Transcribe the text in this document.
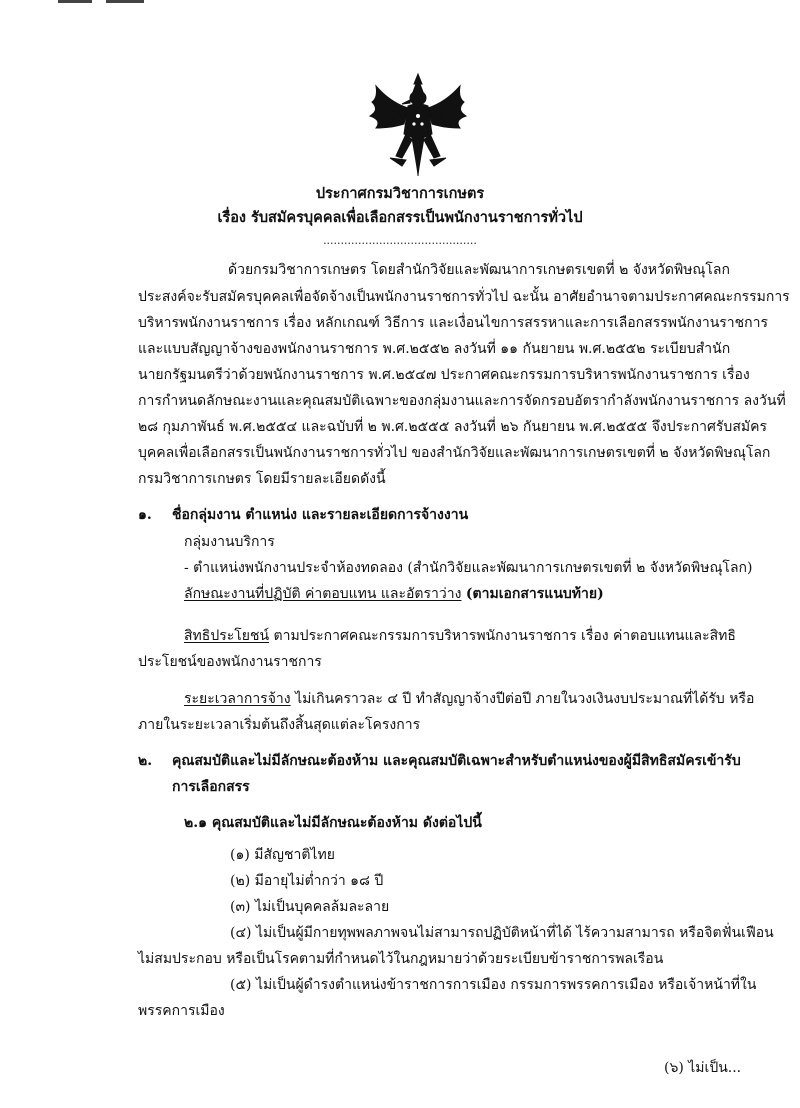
ประกาศกรมวิชาการเกษตร
เรื่อง รับสมัครบุคคลเพื่อเลือกสรรเป็นพนักงานราชการทั่วไป
............................................
ด้วยกรมวิชาการเกษตร โดยสำนักวิจัยและพัฒนาการเกษตรเขตที่ ๒ จังหวัดพิษณุโลก
ประสงค์จะรับสมัครบุคคลเพื่อจัดจ้างเป็นพนักงานราชการทั่วไป ฉะนั้น อาศัยอำนาจตามประกาศคณะกรรมการ
บริหารพนักงานราชการ เรื่อง หลักเกณฑ์ วิธีการ และเงื่อนไขการสรรหาและการเลือกสรรพนักงานราชการ
และแบบสัญญาจ้างของพนักงานราชการ พ.ศ.๒๕๕๒ ลงวันที่ ๑๑ กันยายน พ.ศ.๒๕๕๒ ระเบียบสำนัก
นายกรัฐมนตรีว่าด้วยพนักงานราชการ พ.ศ.๒๕๔๗ ประกาศคณะกรรมการบริหารพนักงานราชการ เรื่อง
การกำหนดลักษณะงานและคุณสมบัติเฉพาะของกลุ่มงานและการจัดกรอบอัตรากำลังพนักงานราชการ ลงวันที่
๒๘ กุมภาพันธ์ พ.ศ.๒๕๕๔ และฉบับที่ ๒ พ.ศ.๒๕๕๕ ลงวันที่ ๒๖ กันยายน พ.ศ.๒๕๕๕ จึงประกาศรับสมัคร
บุคคลเพื่อเลือกสรรเป็นพนักงานราชการทั่วไป ของสำนักวิจัยและพัฒนาการเกษตรเขตที่ ๒ จังหวัดพิษณุโลก
กรมวิชาการเกษตร โดยมีรายละเอียดดังนี้
๑. ชื่อกลุ่มงาน ตำแหน่ง และรายละเอียดการจ้างงาน
กลุ่มงานบริการ
- ตำแหน่งพนักงานประจำห้องทดลอง (สำนักวิจัยและพัฒนาการเกษตรเขตที่ ๒ จังหวัดพิษณุโลก)
ลักษณะงานที่ปฏิบัติ ค่าตอบแทน และอัตราว่าง (ตามเอกสารแนบท้าย)
สิทธิประโยชน์ ตามประกาศคณะกรรมการบริหารพนักงานราชการ เรื่อง ค่าตอบแทนและสิทธิ
ประโยชน์ของพนักงานราชการ
ระยะเวลาการจ้าง ไม่เกินคราวละ ๔ ปี ทำสัญญาจ้างปีต่อปี ภายในวงเงินงบประมาณที่ได้รับ หรือ
ภายในระยะเวลาเริ่มต้นถึงสิ้นสุดแต่ละโครงการ
๒. คุณสมบัติและไม่มีลักษณะต้องห้าม และคุณสมบัติเฉพาะสำหรับตำแหน่งของผู้มีสิทธิสมัครเข้ารับ
การเลือกสรร
๒.๑ คุณสมบัติและไม่มีลักษณะต้องห้าม ดังต่อไปนี้
(๑) มีสัญชาติไทย
(๒) มีอายุไม่ต่ำกว่า ๑๘ ปี
(๓) ไม่เป็นบุคคลล้มละลาย
(๔) ไม่เป็นผู้มีกายทุพพลภาพจนไม่สามารถปฏิบัติหน้าที่ได้ ไร้ความสามารถ หรือจิตฟั่นเฟือน
ไม่สมประกอบ หรือเป็นโรคตามที่กำหนดไว้ในกฎหมายว่าด้วยระเบียบข้าราชการพลเรือน
(๕) ไม่เป็นผู้ดำรงตำแหน่งข้าราชการการเมือง กรรมการพรรคการเมือง หรือเจ้าหน้าที่ใน
พรรคการเมือง
(๖) ไม่เป็น...
